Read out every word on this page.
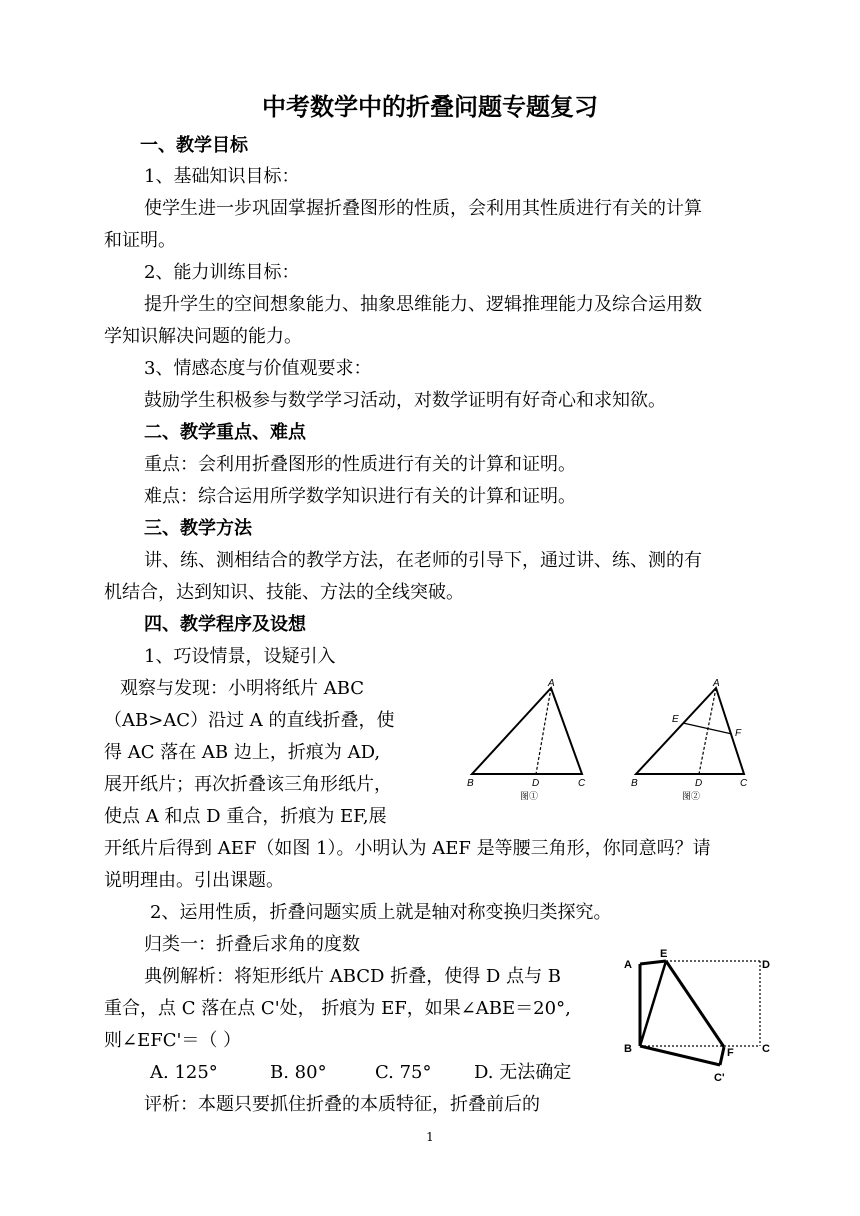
中考数学中的折叠问题专题复习
一、教学目标
1、基础知识目标：
使学生进一步巩固掌握折叠图形的性质，会利用其性质进行有关的计算
和证明。
2、能力训练目标：
提升学生的空间想象能力、抽象思维能力、逻辑推理能力及综合运用数
学知识解决问题的能力。
3、情感态度与价值观要求：
鼓励学生积极参与数学学习活动，对数学证明有好奇心和求知欲。
二、教学重点、难点
重点：会利用折叠图形的性质进行有关的计算和证明。
难点：综合运用所学数学知识进行有关的计算和证明。
三、教学方法
讲、练、测相结合的教学方法，在老师的引导下，通过讲、练、测的有
机结合，达到知识、技能、方法的全线突破。
四、教学程序及设想
1、巧设情景，设疑引入
观察与发现：小明将纸片 ABC
（AB>AC）沿过 A 的直线折叠，使
得 AC 落在 AB 边上，折痕为 AD,
展开纸片；再次折叠该三角形纸片，
使点 A 和点 D 重合，折痕为 EF,展
开纸片后得到 AEF（如图 1）。小明认为 AEF 是等腰三角形，你同意吗？请
说明理由。引出课题。
2、运用性质，折叠问题实质上就是轴对称变换归类探究。
归类一：折叠后求角的度数
典例解析：将矩形纸片 ABCD 折叠，使得 D 点与 B
重合，点 C 落在点 C'处， 折痕为 EF，如果∠ABE＝20°,
则∠EFC'＝（ ）
A. 125°	B. 80°	C. 75° D. 无法确定
评析：本题只要抓住折叠的本质特征，折叠前后的
A
B	D	C
图①
A
E
F
B	D	C
图②
A
E
D
B	F	C
C'
1
